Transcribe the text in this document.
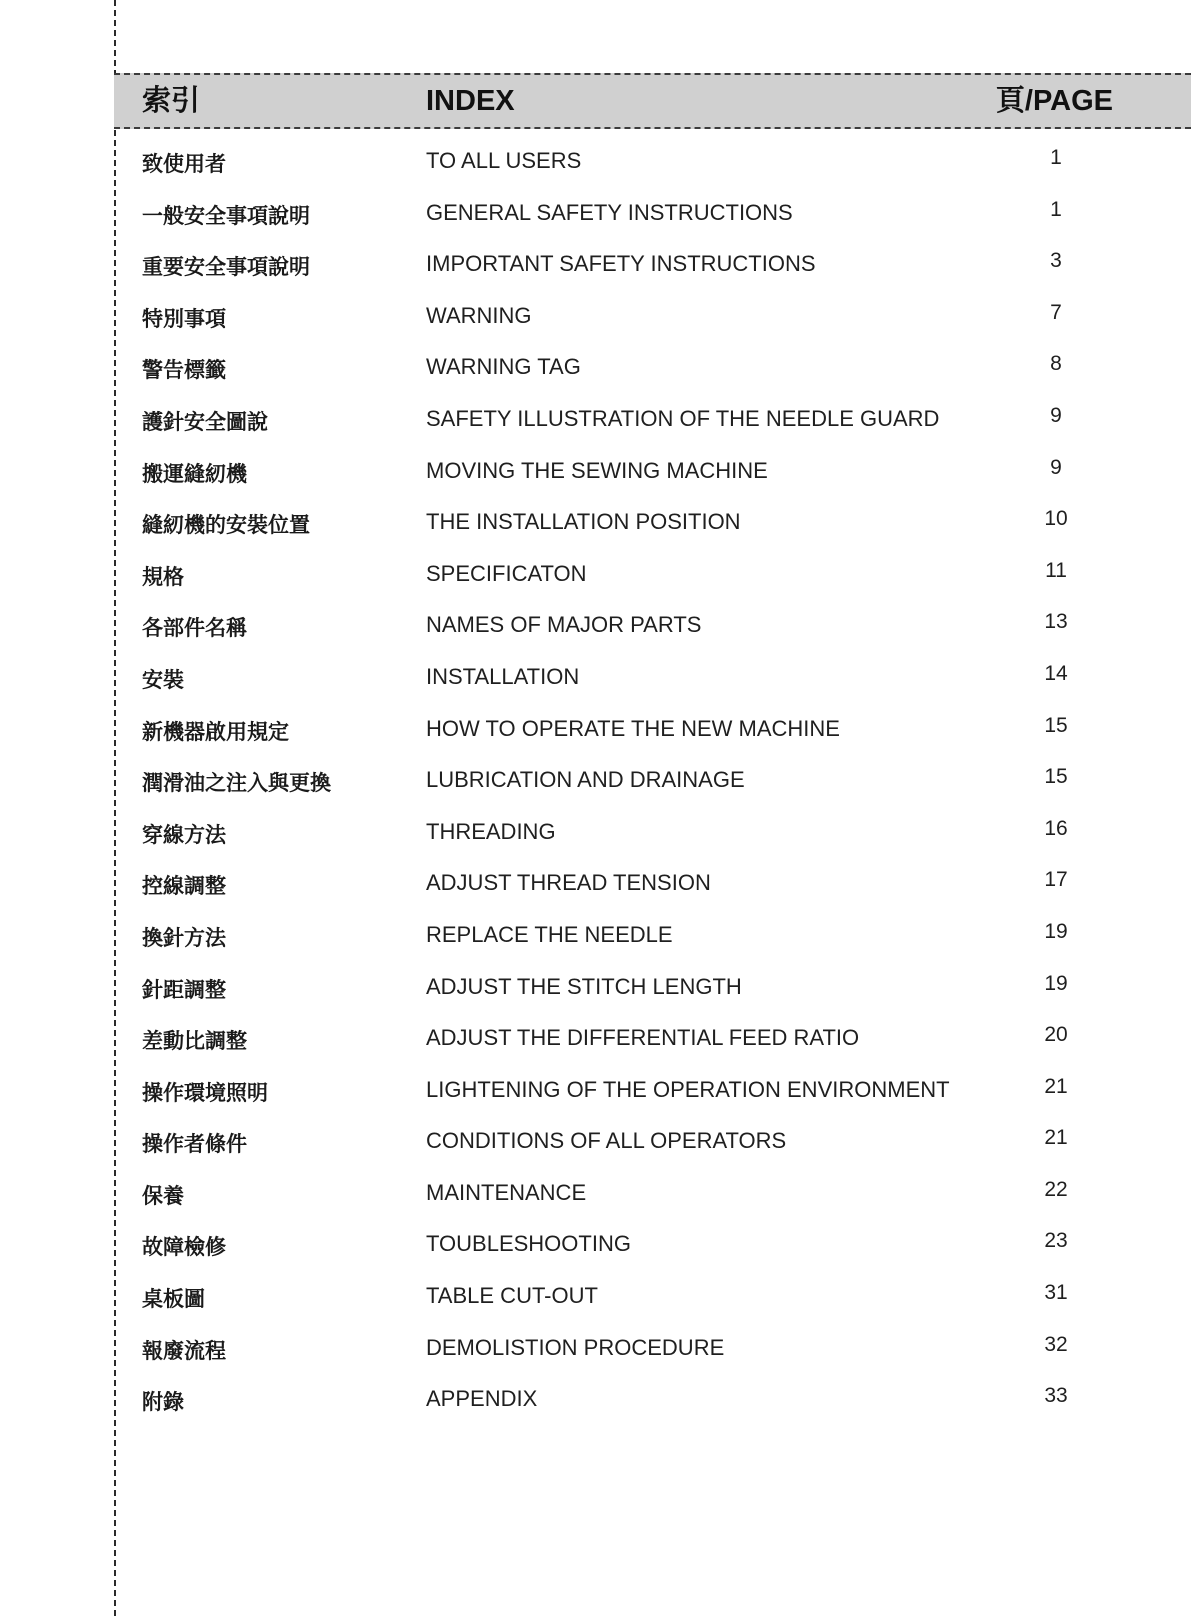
索引	INDEX	頁/PAGE
致使用者	TO ALL USERS	1
一般安全事項說明	GENERAL SAFETY INSTRUCTIONS	1
重要安全事項說明	IMPORTANT SAFETY INSTRUCTIONS	3
特別事項	WARNING	7
警告標籤	WARNING TAG	8
護針安全圖說	SAFETY ILLUSTRATION OF THE NEEDLE GUARD	9
搬運縫紉機	MOVING THE SEWING MACHINE	9
縫紉機的安裝位置	THE INSTALLATION POSITION	10
規格	SPECIFICATON	11
各部件名稱	NAMES OF MAJOR PARTS	13
安裝	INSTALLATION	14
新機器啟用規定	HOW TO OPERATE THE NEW MACHINE	15
潤滑油之注入與更換	LUBRICATION AND DRAINAGE	15
穿線方法	THREADING	16
控線調整	ADJUST THREAD TENSION	17
換針方法	REPLACE THE NEEDLE	19
針距調整	ADJUST THE STITCH LENGTH	19
差動比調整	ADJUST THE DIFFERENTIAL FEED RATIO	20
操作環境照明	LIGHTENING OF THE OPERATION ENVIRONMENT	21
操作者條件	CONDITIONS OF ALL OPERATORS	21
保養	MAINTENANCE	22
故障檢修	TOUBLESHOOTING	23
桌板圖	TABLE CUT-OUT	31
報廢流程	DEMOLISTION PROCEDURE	32
附錄	APPENDIX	33
